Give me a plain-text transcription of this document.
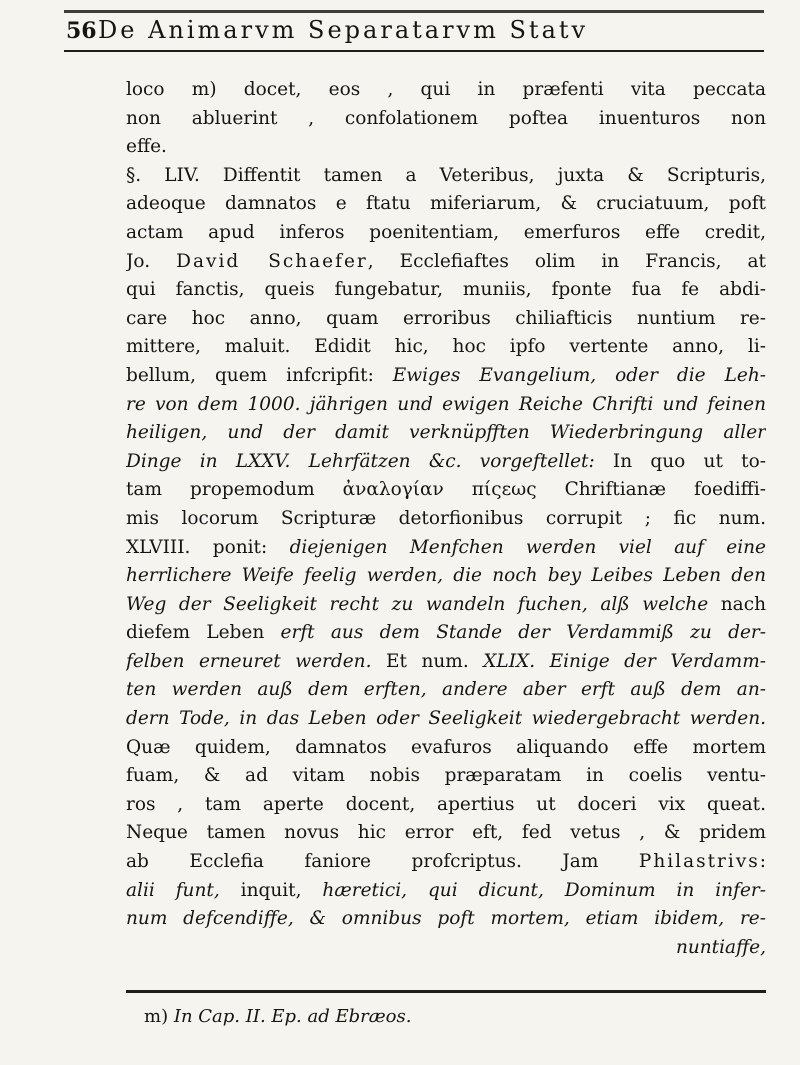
56 De Animarvm Separatarvm Statv
loco m) docet, eos , qui in præfenti vita peccata
non abluerint , confolationem poftea inuenturos non
effe.
§. LIV. Diffentit tamen a Veteribus, juxta & Scripturis,
adeoque damnatos e ftatu miferiarum, & cruciatuum, poft
actam apud inferos poenitentiam, emerfuros effe credit,
Jo. David Schaefer, Ecclefiaftes olim in Francis, at
qui fanctis, queis fungebatur, muniis, fponte fua fe abdi-
care hoc anno, quam erroribus chiliafticis nuntium re-
mittere, maluit. Edidit hic, hoc ipfo vertente anno, li-
bellum, quem infcripfit: Ewiges Evangelium, oder die Leh-
re von dem 1000. jährigen und ewigen Reiche Chrifti und feinen
heiligen, und der damit verknüpfften Wiederbringung aller
Dinge in LXXV. Lehrfätzen &c. vorgeftellet: In quo ut to-
tam propemodum ἀναλογίαν πίςεως Chriftianæ foediffi-
mis locorum Scripturæ detorfionibus corrupit ; fic num.
XLVIII. ponit: diejenigen Menfchen werden viel auf eine
herrlichere Weife feelig werden, die noch bey Leibes Leben den
Weg der Seeligkeit recht zu wandeln fuchen, alß welche nach
diefem Leben erft aus dem Stande der Verdammiß zu der-
felben erneuret werden. Et num. XLIX. Einige der Verdamm-
ten werden auß dem erften, andere aber erft auß dem an-
dern Tode, in das Leben oder Seeligkeit wiedergebracht werden.
Quæ quidem, damnatos evafuros aliquando effe mortem
fuam, & ad vitam nobis præparatam in coelis ventu-
ros , tam aperte docent, apertius ut doceri vix queat.
Neque tamen novus hic error eft, fed vetus , & pridem
ab Ecclefia faniore profcriptus. Jam Philastrivs:
alii funt, inquit, hæretici, qui dicunt, Dominum in infer-
num defcendiffe, & omnibus poft mortem, etiam ibidem, re-
nuntiaffe,
m) In Cap. II. Ep. ad Ebræos.
